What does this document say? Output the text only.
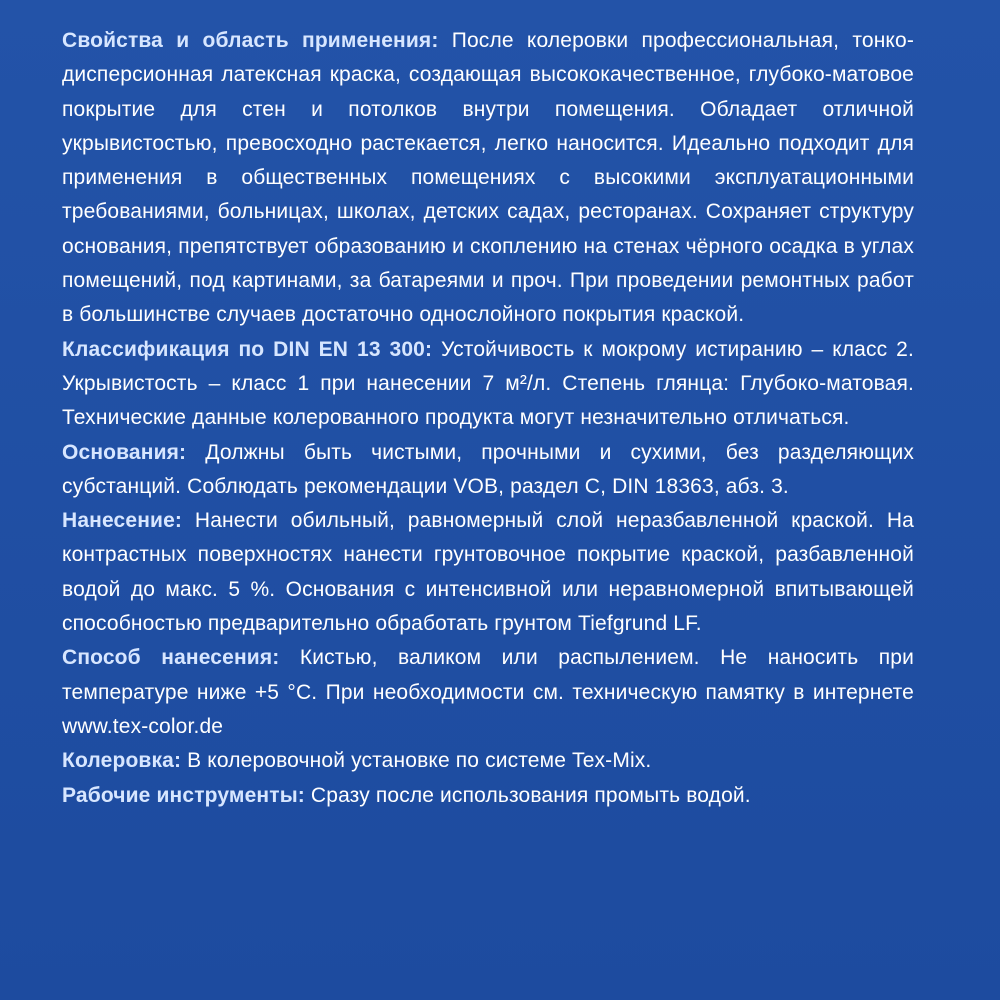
Свойства и область применения: После колеровки профессиональная, тонко-дисперсионная латексная краска, создающая высококачественное, глубоко-матовое покрытие для стен и потолков внутри помещения. Обладает отличной укрывистостью, превосходно растекается, легко наносится. Идеально подходит для применения в общественных помещениях с высокими эксплуатационными требованиями, больницах, школах, детских садах, ресторанах. Сохраняет структуру основания, препятствует образованию и скоплению на стенах чёрного осадка в углах помещений, под картинами, за батареями и проч. При проведении ремонтных работ в большинстве случаев достаточно однослойного покрытия краской.

Классификация по DIN EN 13 300: Устойчивость к мокрому истиранию – класс 2. Укрывистость – класс 1 при нанесении 7 м²/л. Степень глянца: Глубоко-матовая. Технические данные колерованного продукта могут незначительно отличаться.

Основания: Должны быть чистыми, прочными и сухими, без разделяющих субстанций. Соблюдать рекомендации VOB, раздел C, DIN 18363, абз. 3.

Нанесение: Нанести обильный, равномерный слой неразбавленной краской. На контрастных поверхностях нанести грунтовочное покрытие краской, разбавленной водой до макс. 5 %. Основания с интенсивной или неравномерной впитывающей способностью предварительно обработать грунтом Tiefgrund LF.

Способ нанесения: Кистью, валиком или распылением. Не наносить при температуре ниже +5 °C. При необходимости см. техническую памятку в интернете www.tex-color.de

Колеровка: В колеровочной установке по системе Tex-Mix.

Рабочие инструменты: Сразу после использования промыть водой.
